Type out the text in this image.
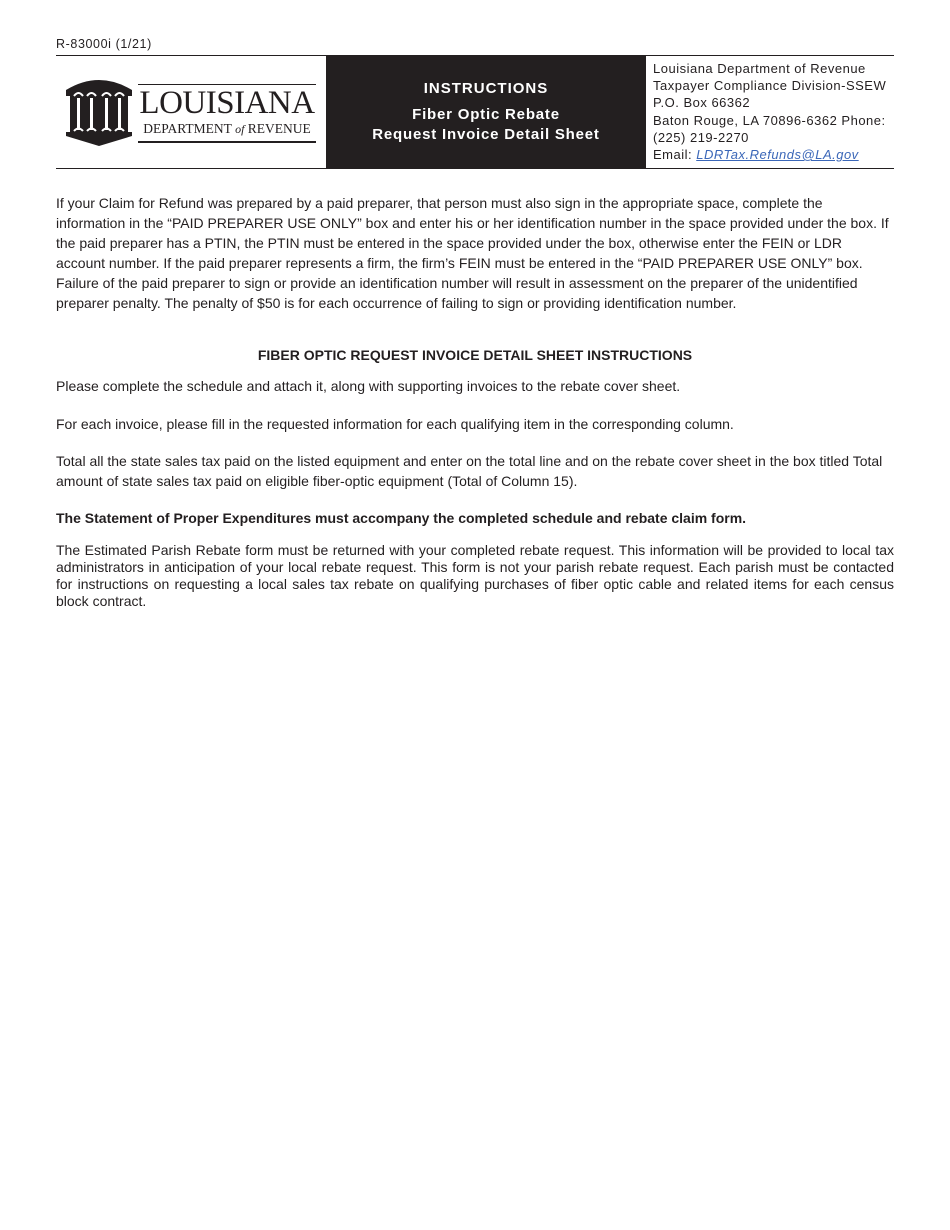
R-83000i (1/21)
LOUISIANA
DEPARTMENT of REVENUE
INSTRUCTIONS
Fiber Optic Rebate
Request Invoice Detail Sheet
Louisiana Department of Revenue
Taxpayer Compliance Division-SSEW
P.O. Box 66362
Baton Rouge, LA 70896-6362 Phone:
(225) 219-2270
Email: LDRTax.Refunds@LA.gov

If your Claim for Refund was prepared by a paid preparer, that person must also sign in the appropriate space, complete the information in the “PAID PREPARER USE ONLY” box and enter his or her identification number in the space provided under the box. If the paid preparer has a PTIN, the PTIN must be entered in the space provided under the box, otherwise enter the FEIN or LDR account number. If the paid preparer represents a firm, the firm’s FEIN must be entered in the “PAID PREPARER USE ONLY” box. Failure of the paid preparer to sign or provide an identification number will result in assessment on the preparer of the unidentified preparer penalty. The penalty of $50 is for each occurrence of failing to sign or providing identification number.

FIBER OPTIC REQUEST INVOICE DETAIL SHEET INSTRUCTIONS

Please complete the schedule and attach it, along with supporting invoices to the rebate cover sheet.

For each invoice, please fill in the requested information for each qualifying item in the corresponding column.

Total all the state sales tax paid on the listed equipment and enter on the total line and on the rebate cover sheet in the box titled Total amount of state sales tax paid on eligible fiber-optic equipment (Total of Column 15).

The Statement of Proper Expenditures must accompany the completed schedule and rebate claim form.

The Estimated Parish Rebate form must be returned with your completed rebate request. This information will be provided to local tax administrators in anticipation of your local rebate request. This form is not your parish rebate request. Each parish must be contacted for instructions on requesting a local sales tax rebate on qualifying purchases of fiber optic cable and related items for each census block contract.
